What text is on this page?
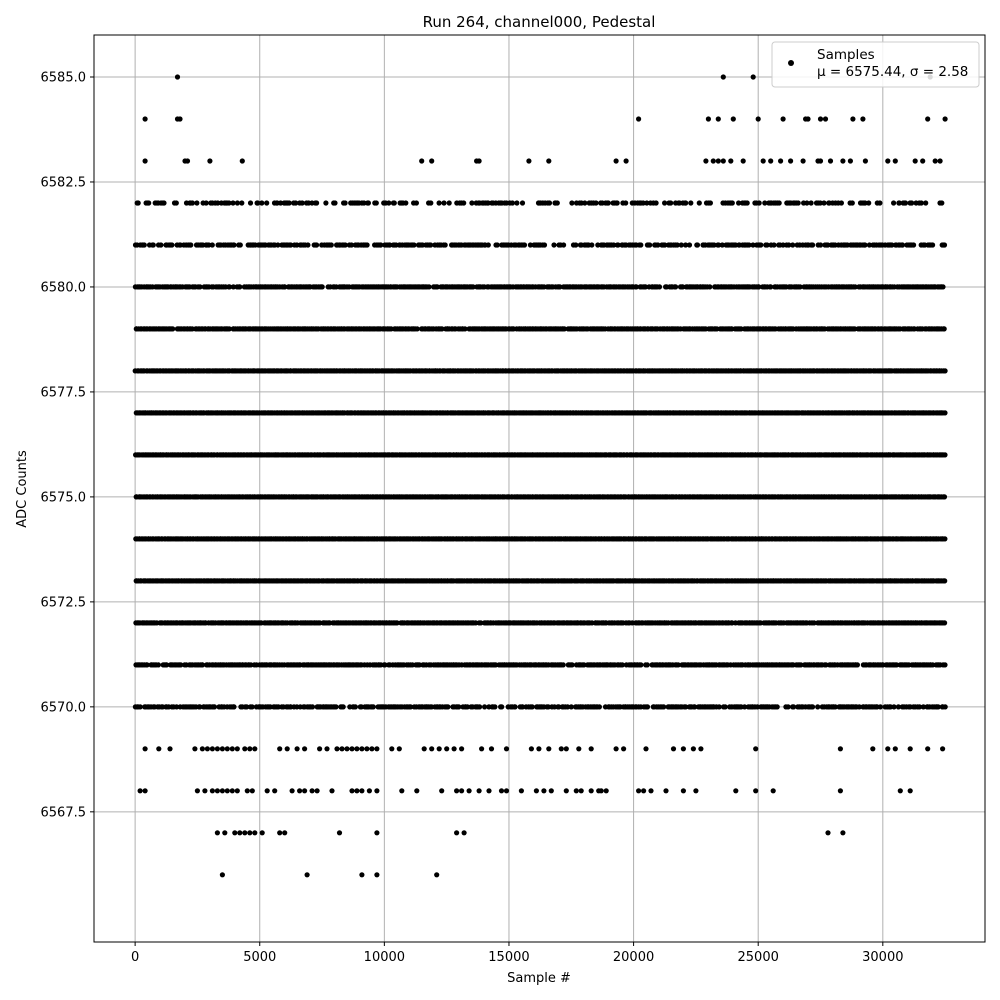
0	5000	10000	15000	20000	25000	30000
6567.5
6570.0
6572.5
6575.0
6577.5
6580.0
6582.5
6585.0
Run 264, channel000, Pedestal
Sample #
ADC Counts
Samples
μ = 6575.44, σ = 2.58
